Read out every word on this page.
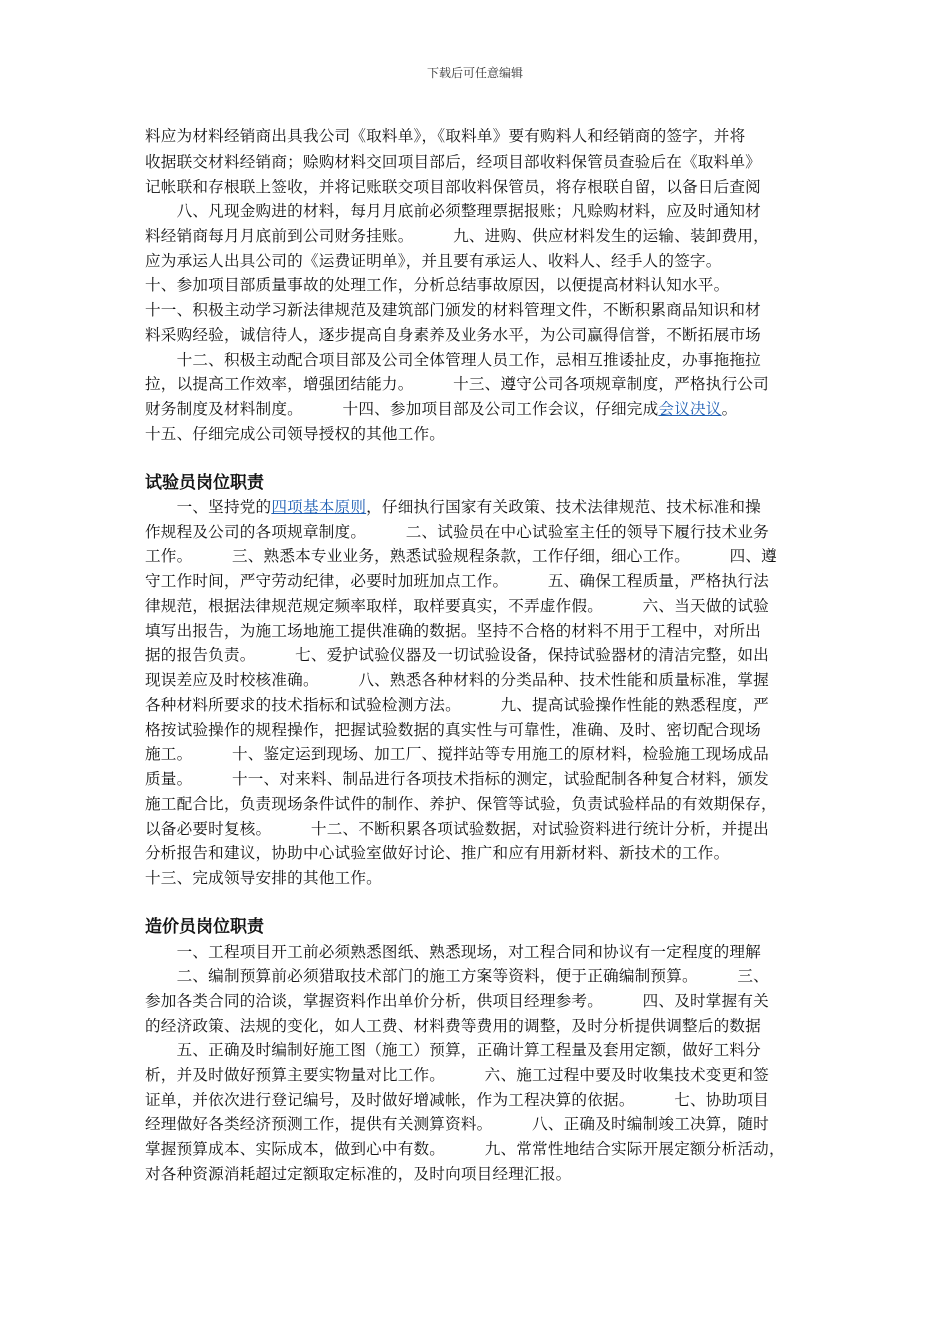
下载后可任意编辑
料应为材料经销商出具我公司《取料单》，《取料单》要有购料人和经销商的签字，并将
收据联交材料经销商；赊购材料交回项目部后，经项目部收料保管员查验后在《取料单》
记帐联和存根联上签收，并将记账联交项目部收料保管员，将存根联自留，以备日后查阅
　　八、凡现金购进的材料，每月月底前必须整理票据报账；凡赊购材料，应及时通知材
料经销商每月月底前到公司财务挂账。　　　九、进购、供应材料发生的运输、装卸费用，
应为承运人出具公司的《运费证明单》，并且要有承运人、收料人、经手人的签字。
十、参加项目部质量事故的处理工作，分析总结事故原因，以便提高材料认知水平。
十一、积极主动学习新法律规范及建筑部门颁发的材料管理文件，不断积累商品知识和材
料采购经验，诚信待人，逐步提高自身素养及业务水平，为公司赢得信誉，不断拓展市场
　　十二、积极主动配合项目部及公司全体管理人员工作，忌相互推诿扯皮，办事拖拖拉
拉，以提高工作效率，增强团结能力。　　　十三、遵守公司各项规章制度，严格执行公司
财务制度及材料制度。　　　十四、参加项目部及公司工作会议，仔细完成会议决议。
十五、仔细完成公司领导授权的其他工作。
试验员岗位职责
　　一、坚持党的四项基本原则，仔细执行国家有关政策、技术法律规范、技术标准和操
作规程及公司的各项规章制度。　　　二、试验员在中心试验室主任的领导下履行技术业务
工作。　　　三、熟悉本专业业务，熟悉试验规程条款，工作仔细，细心工作。　　　四、遵
守工作时间，严守劳动纪律，必要时加班加点工作。　　　五、确保工程质量，严格执行法
律规范，根据法律规范规定频率取样，取样要真实，不弄虚作假。　　　六、当天做的试验
填写出报告，为施工场地施工提供准确的数据。坚持不合格的材料不用于工程中，对所出
据的报告负责。　　　七、爱护试验仪器及一切试验设备，保持试验器材的清洁完整，如出
现误差应及时校核准确。　　　八、熟悉各种材料的分类品种、技术性能和质量标准，掌握
各种材料所要求的技术指标和试验检测方法。　　　九、提高试验操作性能的熟悉程度，严
格按试验操作的规程操作，把握试验数据的真实性与可靠性，准确、及时、密切配合现场
施工。　　　十、鉴定运到现场、加工厂、搅拌站等专用施工的原材料，检验施工现场成品
质量。　　　十一、对来料、制品进行各项技术指标的测定，试验配制各种复合材料，颁发
施工配合比，负责现场条件试件的制作、养护、保管等试验，负责试验样品的有效期保存，
以备必要时复核。　　　十二、不断积累各项试验数据，对试验资料进行统计分析，并提出
分析报告和建议，协助中心试验室做好讨论、推广和应有用新材料、新技术的工作。
十三、完成领导安排的其他工作。
造价员岗位职责
　　一、工程项目开工前必须熟悉图纸、熟悉现场，对工程合同和协议有一定程度的理解
　　二、编制预算前必须猎取技术部门的施工方案等资料，便于正确编制预算。　　　三、
参加各类合同的洽谈，掌握资料作出单价分析，供项目经理参考。　　　四、及时掌握有关
的经济政策、法规的变化，如人工费、材料费等费用的调整，及时分析提供调整后的数据
　　五、正确及时编制好施工图（施工）预算，正确计算工程量及套用定额，做好工料分
析，并及时做好预算主要实物量对比工作。　　　六、施工过程中要及时收集技术变更和签
证单，并依次进行登记编号，及时做好增减帐，作为工程决算的依据。　　　七、协助项目
经理做好各类经济预测工作，提供有关测算资料。　　　八、正确及时编制竣工决算，随时
掌握预算成本、实际成本，做到心中有数。　　　九、常常性地结合实际开展定额分析活动，
对各种资源消耗超过定额取定标准的，及时向项目经理汇报。
